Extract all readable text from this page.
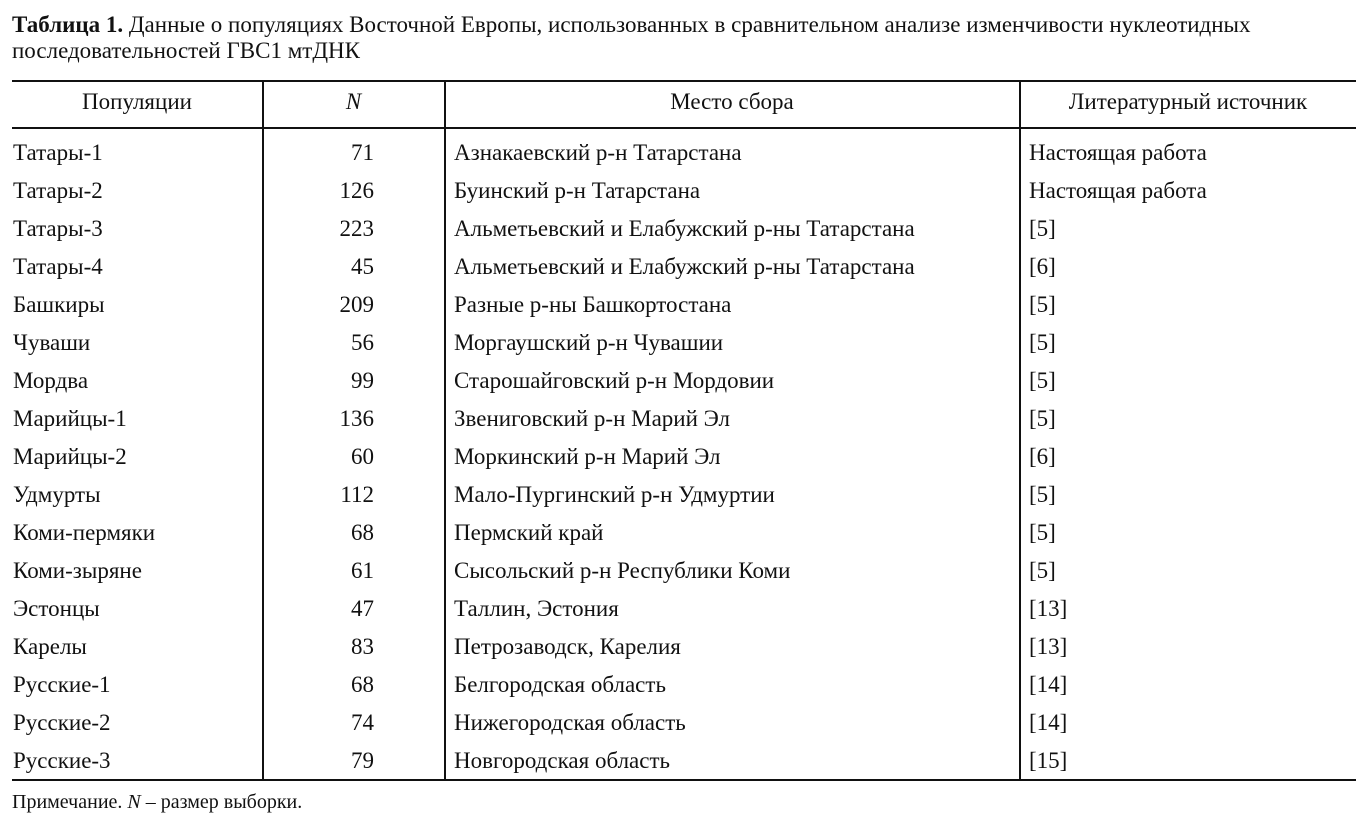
Таблица 1. Данные о популяциях Восточной Европы, использованных в сравнительном анализе изменчивости нуклеотидных последовательностей ГВС1 мтДНК
Популяции	N	Место сбора	Литературный источник
Татары-1	71	Азнакаевский р-н Татарстана	Настоящая работа
Татары-2	126	Буинский р-н Татарстана	Настоящая работа
Татары-3	223	Альметьевский и Елабужский р-ны Татарстана	[5]
Татары-4	45	Альметьевский и Елабужский р-ны Татарстана	[6]
Башкиры	209	Разные р-ны Башкортостана	[5]
Чуваши	56	Моргаушский р-н Чувашии	[5]
Мордва	99	Старошайговский р-н Мордовии	[5]
Марийцы-1	136	Звениговский р-н Марий Эл	[5]
Марийцы-2	60	Моркинский р-н Марий Эл	[6]
Удмурты	112	Мало-Пургинский р-н Удмуртии	[5]
Коми-пермяки	68	Пермский край	[5]
Коми-зыряне	61	Сысольский р-н Республики Коми	[5]
Эстонцы	47	Таллин, Эстония	[13]
Карелы	83	Петрозаводск, Карелия	[13]
Русские-1	68	Белгородская область	[14]
Русские-2	74	Нижегородская область	[14]
Русские-3	79	Новгородская область	[15]
Примечание. N – размер выборки.
